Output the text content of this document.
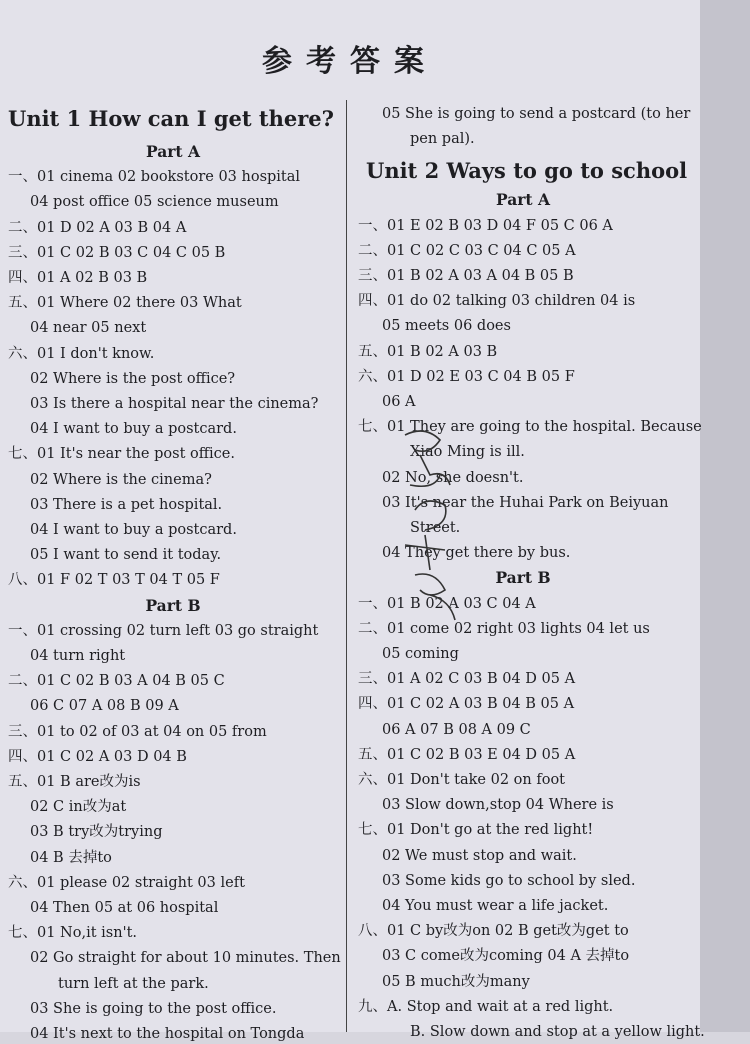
参考答案
Unit 1 How can I get there?
Part A
一、01 cinema 02 bookstore 03 hospital
04 post office 05 science museum
二、01 D 02 A 03 B 04 A
三、01 C 02 B 03 C 04 C 05 B
四、01 A 02 B 03 B
五、01 Where 02 there 03 What
04 near 05 next
六、01 I don't know.
02 Where is the post office?
03 Is there a hospital near the cinema?
04 I want to buy a postcard.
七、01 It's near the post office.
02 Where is the cinema?
03 There is a pet hospital.
04 I want to buy a postcard.
05 I want to send it today.
八、01 F 02 T 03 T 04 T 05 F
Part B
一、01 crossing 02 turn left 03 go straight
04 turn right
二、01 C 02 B 03 A 04 B 05 C
06 C 07 A 08 B 09 A
三、01 to 02 of 03 at 04 on 05 from
四、01 C 02 A 03 D 04 B
五、01 B are改为is
02 C in改为at
03 B try改为trying
04 B 去掉to
六、01 please 02 straight 03 left
04 Then 05 at 06 hospital
七、01 No,it isn't.
02 Go straight for about 10 minutes. Then
turn left at the park.
03 She is going to the post office.
04 It's next to the hospital on Tongda
05 She is going to send a postcard (to her
pen pal).
Unit 2 Ways to go to school
Part A
一、01 E 02 B 03 D 04 F 05 C 06 A
二、01 C 02 C 03 C 04 C 05 A
三、01 B 02 A 03 A 04 B 05 B
四、01 do 02 talking 03 children 04 is
05 meets 06 does
五、01 B 02 A 03 B
六、01 D 02 E 03 C 04 B 05 F
06 A
七、01 They are going to the hospital. Because
Xiao Ming is ill.
02 No, she doesn't.
03 It's near the Huhai Park on Beiyuan
Street.
04 They get there by bus.
Part B
一、01 B 02 A 03 C 04 A
二、01 come 02 right 03 lights 04 let us
05 coming
三、01 A 02 C 03 B 04 D 05 A
四、01 C 02 A 03 B 04 B 05 A
06 A 07 B 08 A 09 C
五、01 C 02 B 03 E 04 D 05 A
六、01 Don't take 02 on foot
03 Slow down,stop 04 Where is
七、01 Don't go at the red light!
02 We must stop and wait.
03 Some kids go to school by sled.
04 You must wear a life jacket.
八、01 C by改为on 02 B get改为get to
03 C come改为coming 04 A 去掉to
05 B much改为many
九、A. Stop and wait at a red light.
B. Slow down and stop at a yellow light.
